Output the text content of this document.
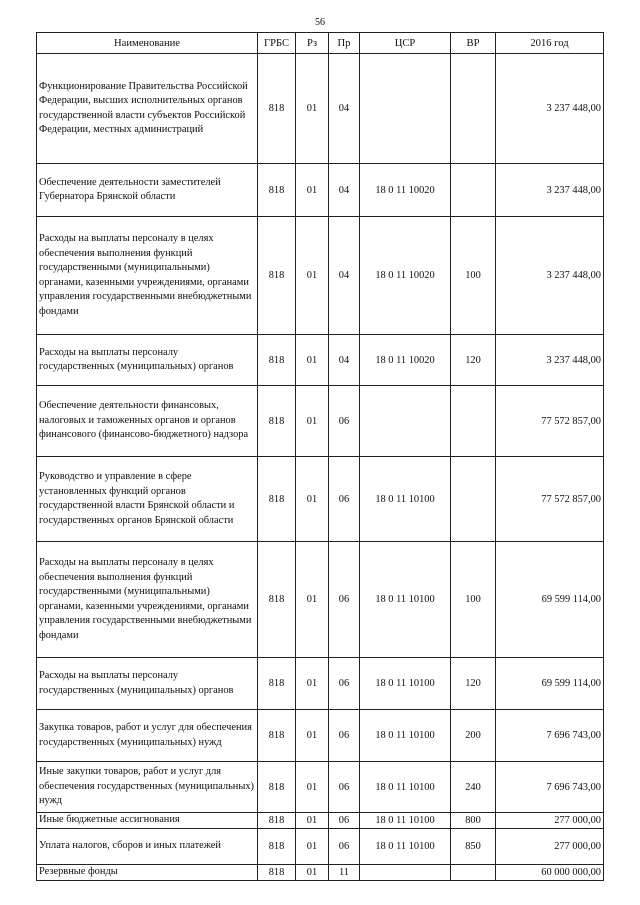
56
Наименование	ГРБС	Рз	Пр	ЦСР	ВР	2016 год
Функционирование Правительства Российской Федерации, высших исполнительных органов государственной власти субъектов Российской Федерации, местных администраций	818	01	04			3 237 448,00
Обеспечение деятельности заместителей Губернатора Брянской области	818	01	04	18 0 11 10020		3 237 448,00
Расходы на выплаты персоналу в целях обеспечения выполнения функций государственными (муниципальными) органами, казенными учреждениями, органами управления государственными внебюджетными фондами	818	01	04	18 0 11 10020	100	3 237 448,00
Расходы на выплаты персоналу государственных (муниципальных) органов	818	01	04	18 0 11 10020	120	3 237 448,00
Обеспечение деятельности финансовых, налоговых и таможенных органов и органов финансового (финансово-бюджетного) надзора	818	01	06			77 572 857,00
Руководство и управление в сфере установленных функций органов государственной власти Брянской области и государственных органов Брянской области	818	01	06	18 0 11 10100		77 572 857,00
Расходы на выплаты персоналу в целях обеспечения выполнения функций государственными (муниципальными) органами, казенными учреждениями, органами управления государственными внебюджетными фондами	818	01	06	18 0 11 10100	100	69 599 114,00
Расходы на выплаты персоналу государственных (муниципальных) органов	818	01	06	18 0 11 10100	120	69 599 114,00
Закупка товаров, работ и услуг для обеспечения государственных (муниципальных) нужд	818	01	06	18 0 11 10100	200	7 696 743,00
Иные закупки товаров, работ и услуг для обеспечения государственных (муниципальных) нужд	818	01	06	18 0 11 10100	240	7 696 743,00
Иные бюджетные ассигнования	818	01	06	18 0 11 10100	800	277 000,00
Уплата налогов, сборов и иных платежей	818	01	06	18 0 11 10100	850	277 000,00
Резервные фонды	818	01	11			60 000 000,00
